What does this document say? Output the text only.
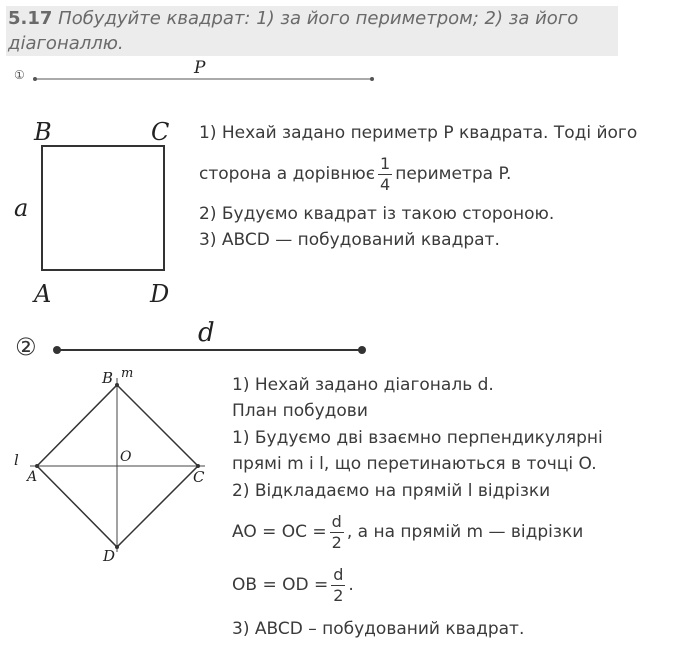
5.17 Побудуйте квадрат: 1) за його периметром; 2) за його
діагоналлю.
①	P
B	C
a
A	D
1) Нехай задано периметр P квадрата. Тоді його
сторона a дорівнює $\frac{1}{4}$ периметра P.
2) Будуємо квадрат із такою стороною.
3) ABCD — побудований квадрат.
②	d
B m
l	O
A	C
D
1) Нехай задано діагональ d.
План побудови
1) Будуємо дві взаємно перпендикулярні
прямі m і l, що перетинаються в точці O.
2) Відкладаємо на прямій l відрізки
AO = OC = $\frac{d}{2}$ , а на прямій m — відрізки
OB = OD = $\frac{d}{2}$ .
3) ABCD – побудований квадрат.
